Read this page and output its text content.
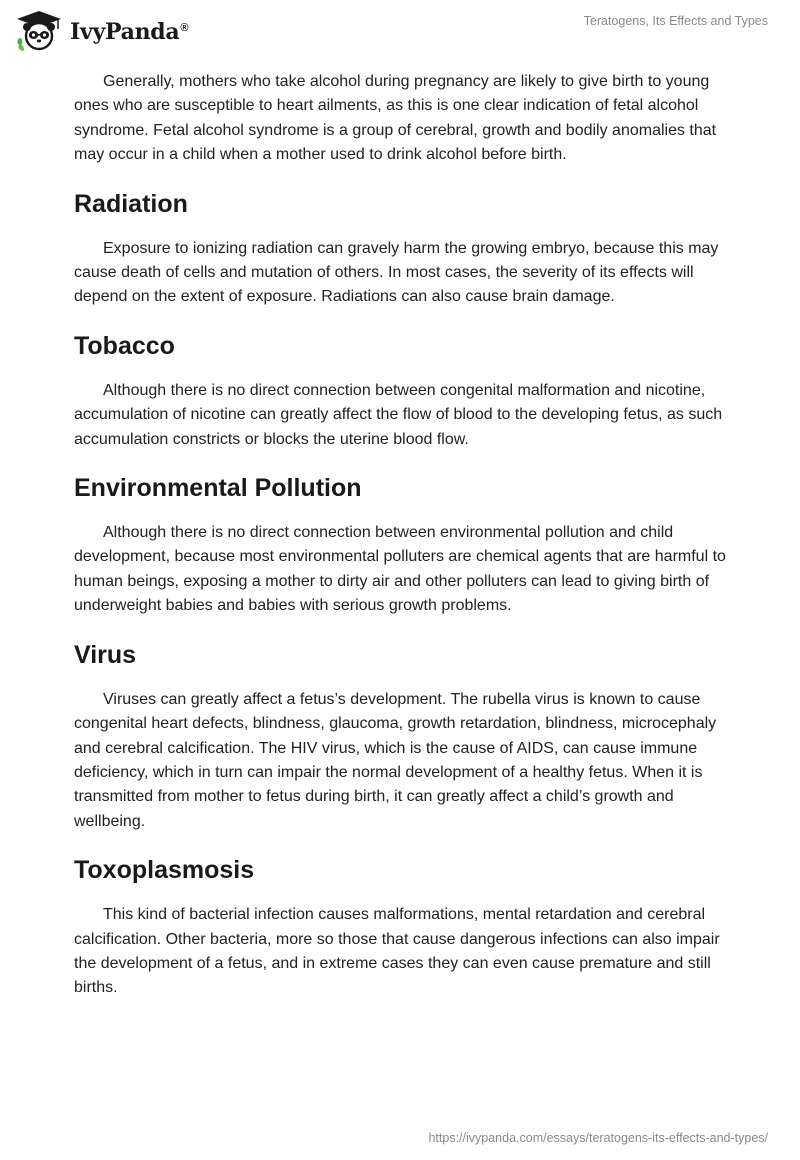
IvyPanda®	Teratogens, Its Effects and Types

Generally, mothers who take alcohol during pregnancy are likely to give birth to young ones who are susceptible to heart ailments, as this is one clear indication of fetal alcohol syndrome. Fetal alcohol syndrome is a group of cerebral, growth and bodily anomalies that may occur in a child when a mother used to drink alcohol before birth.

Radiation

Exposure to ionizing radiation can gravely harm the growing embryo, because this may cause death of cells and mutation of others. In most cases, the severity of its effects will depend on the extent of exposure. Radiations can also cause brain damage.

Tobacco

Although there is no direct connection between congenital malformation and nicotine, accumulation of nicotine can greatly affect the flow of blood to the developing fetus, as such accumulation constricts or blocks the uterine blood flow.

Environmental Pollution

Although there is no direct connection between environmental pollution and child development, because most environmental polluters are chemical agents that are harmful to human beings, exposing a mother to dirty air and other polluters can lead to giving birth of underweight babies and babies with serious growth problems.

Virus

Viruses can greatly affect a fetus’s development. The rubella virus is known to cause congenital heart defects, blindness, glaucoma, growth retardation, blindness, microcephaly and cerebral calcification. The HIV virus, which is the cause of AIDS, can cause immune deficiency, which in turn can impair the normal development of a healthy fetus. When it is transmitted from mother to fetus during birth, it can greatly affect a child’s growth and wellbeing.

Toxoplasmosis

This kind of bacterial infection causes malformations, mental retardation and cerebral calcification. Other bacteria, more so those that cause dangerous infections can also impair the development of a fetus, and in extreme cases they can even cause premature and still births.

https://ivypanda.com/essays/teratogens-its-effects-and-types/
